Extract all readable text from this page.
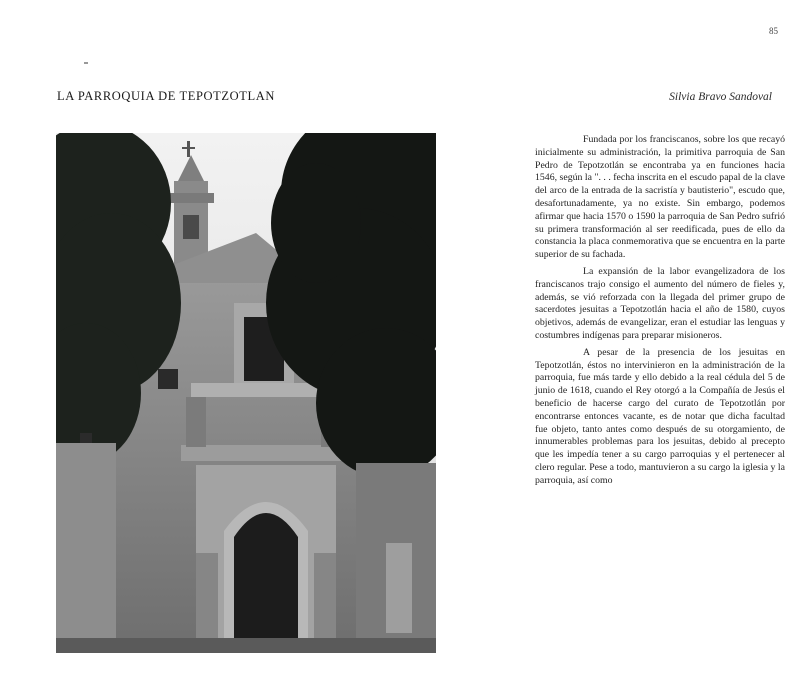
85
LA PARROQUIA DE TEPOTZOTLAN	Silvia Bravo Sandoval

Fundada por los franciscanos, sobre los que recayó inicialmente su administración, la primitiva parroquia de San Pedro de Tepotzotlán se encontraba ya en funciones hacia 1546, según la ". . . fecha inscrita en el escudo papal de la clave del arco de la entrada de la sacristía y bautisterio", escudo que, desafortunadamente, ya no existe. Sin embargo, podemos afirmar que hacia 1570 o 1590 la parroquia de San Pedro sufrió su primera transformación al ser reedificada, pues de ello da constancia la placa conmemorativa que se encuentra en la parte superior de su fachada.

La expansión de la labor evangelizadora de los franciscanos trajo consigo el aumento del número de fieles y, además, se vió reforzada con la llegada del primer grupo de sacerdotes jesuitas a Tepotzotlán hacia el año de 1580, cuyos objetivos, además de evangelizar, eran el estudiar las lenguas y costumbres indígenas para preparar misioneros.

A pesar de la presencia de los jesuitas en Tepotzotlán, éstos no intervinieron en la administración de la parroquia, fue más tarde y ello debido a la real cédula del 5 de junio de 1618, cuando el Rey otorgó a la Compañía de Jesús el beneficio de hacerse cargo del curato de Tepotzotlán por encontrarse entonces vacante, es de notar que dicha facultad fue objeto, tanto antes como después de su otorgamiento, de innumerables problemas para los jesuitas, debido al precepto que les impedía tener a su cargo parroquias y el pertenecer al clero regular. Pese a todo, mantuvieron a su cargo la iglesia y la parroquia, así como
